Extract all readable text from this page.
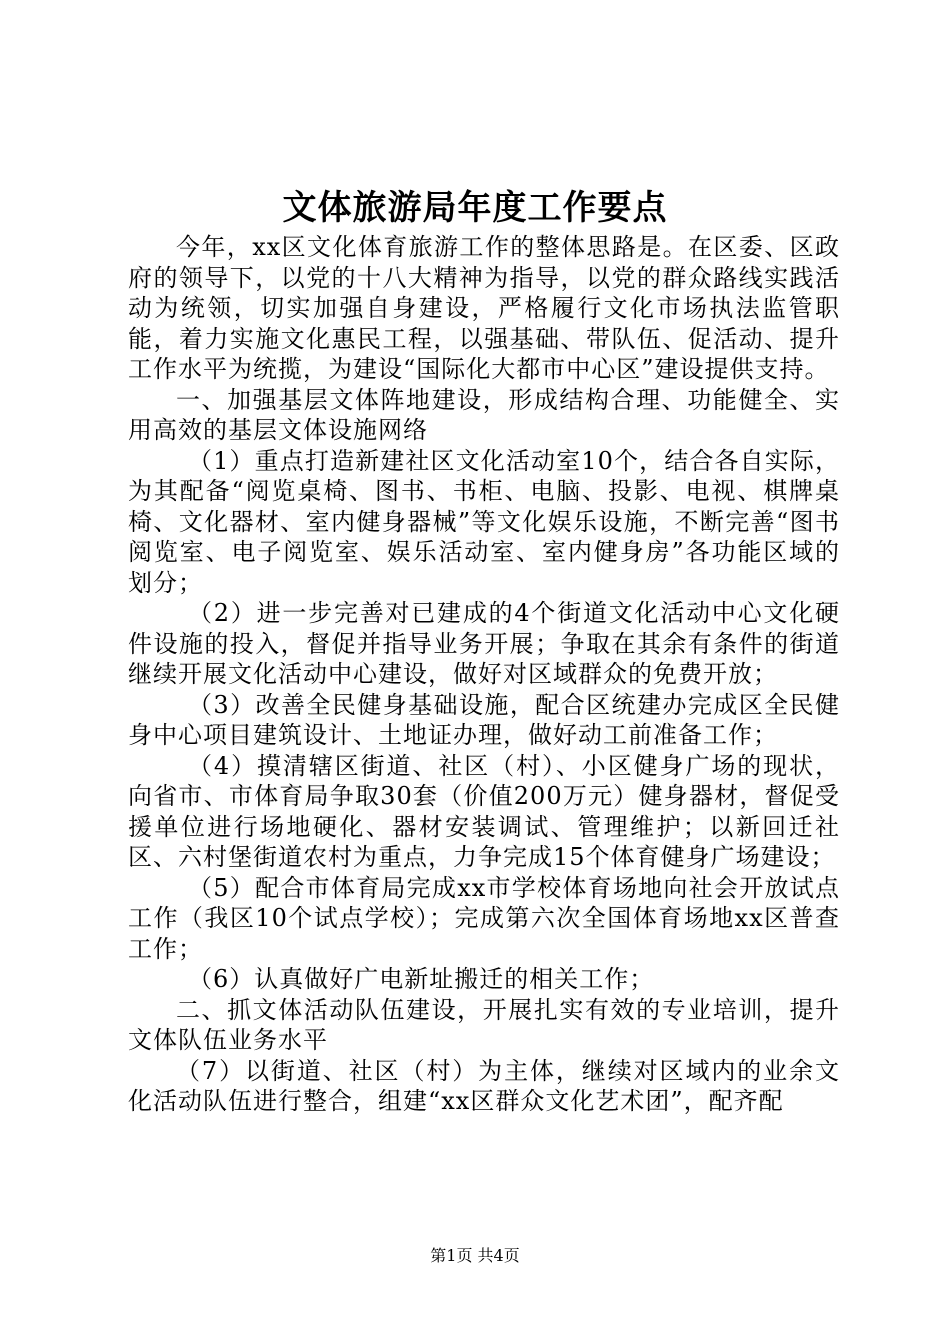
文体旅游局年度工作要点

今年，xx区文化体育旅游工作的整体思路是。在区委、区政府的领导下，以党的十八大精神为指导，以党的群众路线实践活动为统领，切实加强自身建设，严格履行文化市场执法监管职能，着力实施文化惠民工程，以强基础、带队伍、促活动、提升工作水平为统揽，为建设“国际化大都市中心区”建设提供支持。

一、加强基层文体阵地建设，形成结构合理、功能健全、实用高效的基层文体设施网络

（1）重点打造新建社区文化活动室10个，结合各自实际，为其配备“阅览桌椅、图书、书柜、电脑、投影、电视、棋牌桌椅、文化器材、室内健身器械”等文化娱乐设施，不断完善“图书阅览室、电子阅览室、娱乐活动室、室内健身房”各功能区域的划分；

（2）进一步完善对已建成的4个街道文化活动中心文化硬件设施的投入，督促并指导业务开展；争取在其余有条件的街道继续开展文化活动中心建设，做好对区域群众的免费开放；

（3）改善全民健身基础设施，配合区统建办完成区全民健身中心项目建筑设计、土地证办理，做好动工前准备工作；

（4）摸清辖区街道、社区（村）、小区健身广场的现状，向省市、市体育局争取30套（价值200万元）健身器材，督促受援单位进行场地硬化、器材安装调试、管理维护；以新回迁社区、六村堡街道农村为重点，力争完成15个体育健身广场建设；

（5）配合市体育局完成xx市学校体育场地向社会开放试点工作（我区10个试点学校）；完成第六次全国体育场地xx区普查工作；

（6）认真做好广电新址搬迁的相关工作；

二、抓文体活动队伍建设，开展扎实有效的专业培训，提升文体队伍业务水平

（7）以街道、社区（村）为主体，继续对区域内的业余文化活动队伍进行整合，组建“xx区群众文化艺术团”，配齐配

第1页 共4页
